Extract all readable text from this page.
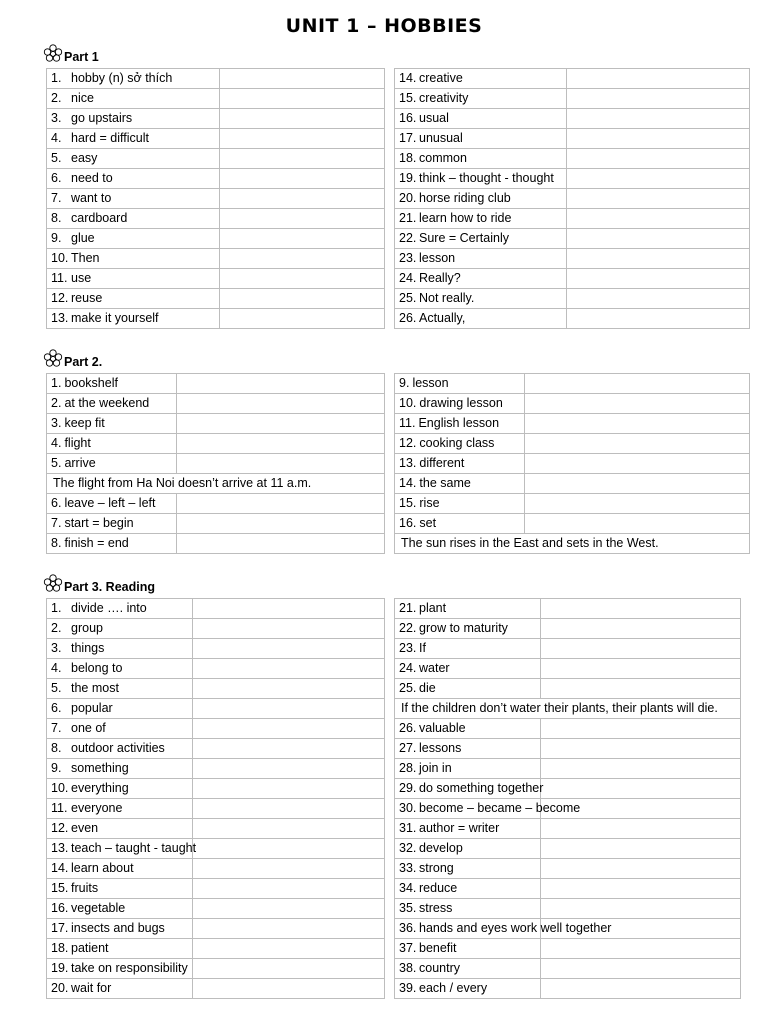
UNIT 1 – HOBBIES
Part 1
Part 2.
Part 3. Reading
1. hobby (n) sở thích	
2. nice	
3. go upstairs	
4. hard = difficult	
5. easy	
6. need to	
7. want to	
8. cardboard	
9. glue	
10. Then	
11. use	
12. reuse	
13. make it yourself	
14. creative	
15. creativity	
16. usual	
17. unusual	
18. common	
19. think – thought - thought	
20. horse riding club	
21. learn how to ride	
22. Sure = Certainly	
23. lesson	
24. Really?	
25. Not really.	
26. Actually,	
1. bookshelf	
2. at the weekend	
3. keep fit	
4. flight	
5. arrive	
The flight from Ha Noi doesn’t arrive at 11 a.m.	
6. leave – left – left	
7. start = begin	
8. finish = end	
9. lesson	
10. drawing lesson	
11. English lesson	
12. cooking class	
13. different	
14. the same	
15. rise	
16. set	
The sun rises in the East and sets in the West.	
1. divide …. into	
2. group	
3. things	
4. belong to	
5. the most	
6. popular	
7. one of	
8. outdoor activities	
9. something	
10. everything	
11. everyone	
12. even	
13. teach – taught - taught	
14. learn about	
15. fruits	
16. vegetable	
17. insects and bugs	
18. patient	
19. take on responsibility	
20. wait for	
21. plant	
22. grow to maturity	
23. If	
24. water	
25. die	
If the children don’t water their plants, their plants will die.	
26. valuable	
27. lessons	
28. join in	
29. do something together	
30. become – became – become	
31. author = writer	
32. develop	
33. strong	
34. reduce	
35. stress	
36. hands and eyes work well together	
37. benefit	
38. country	
39. each / every	
